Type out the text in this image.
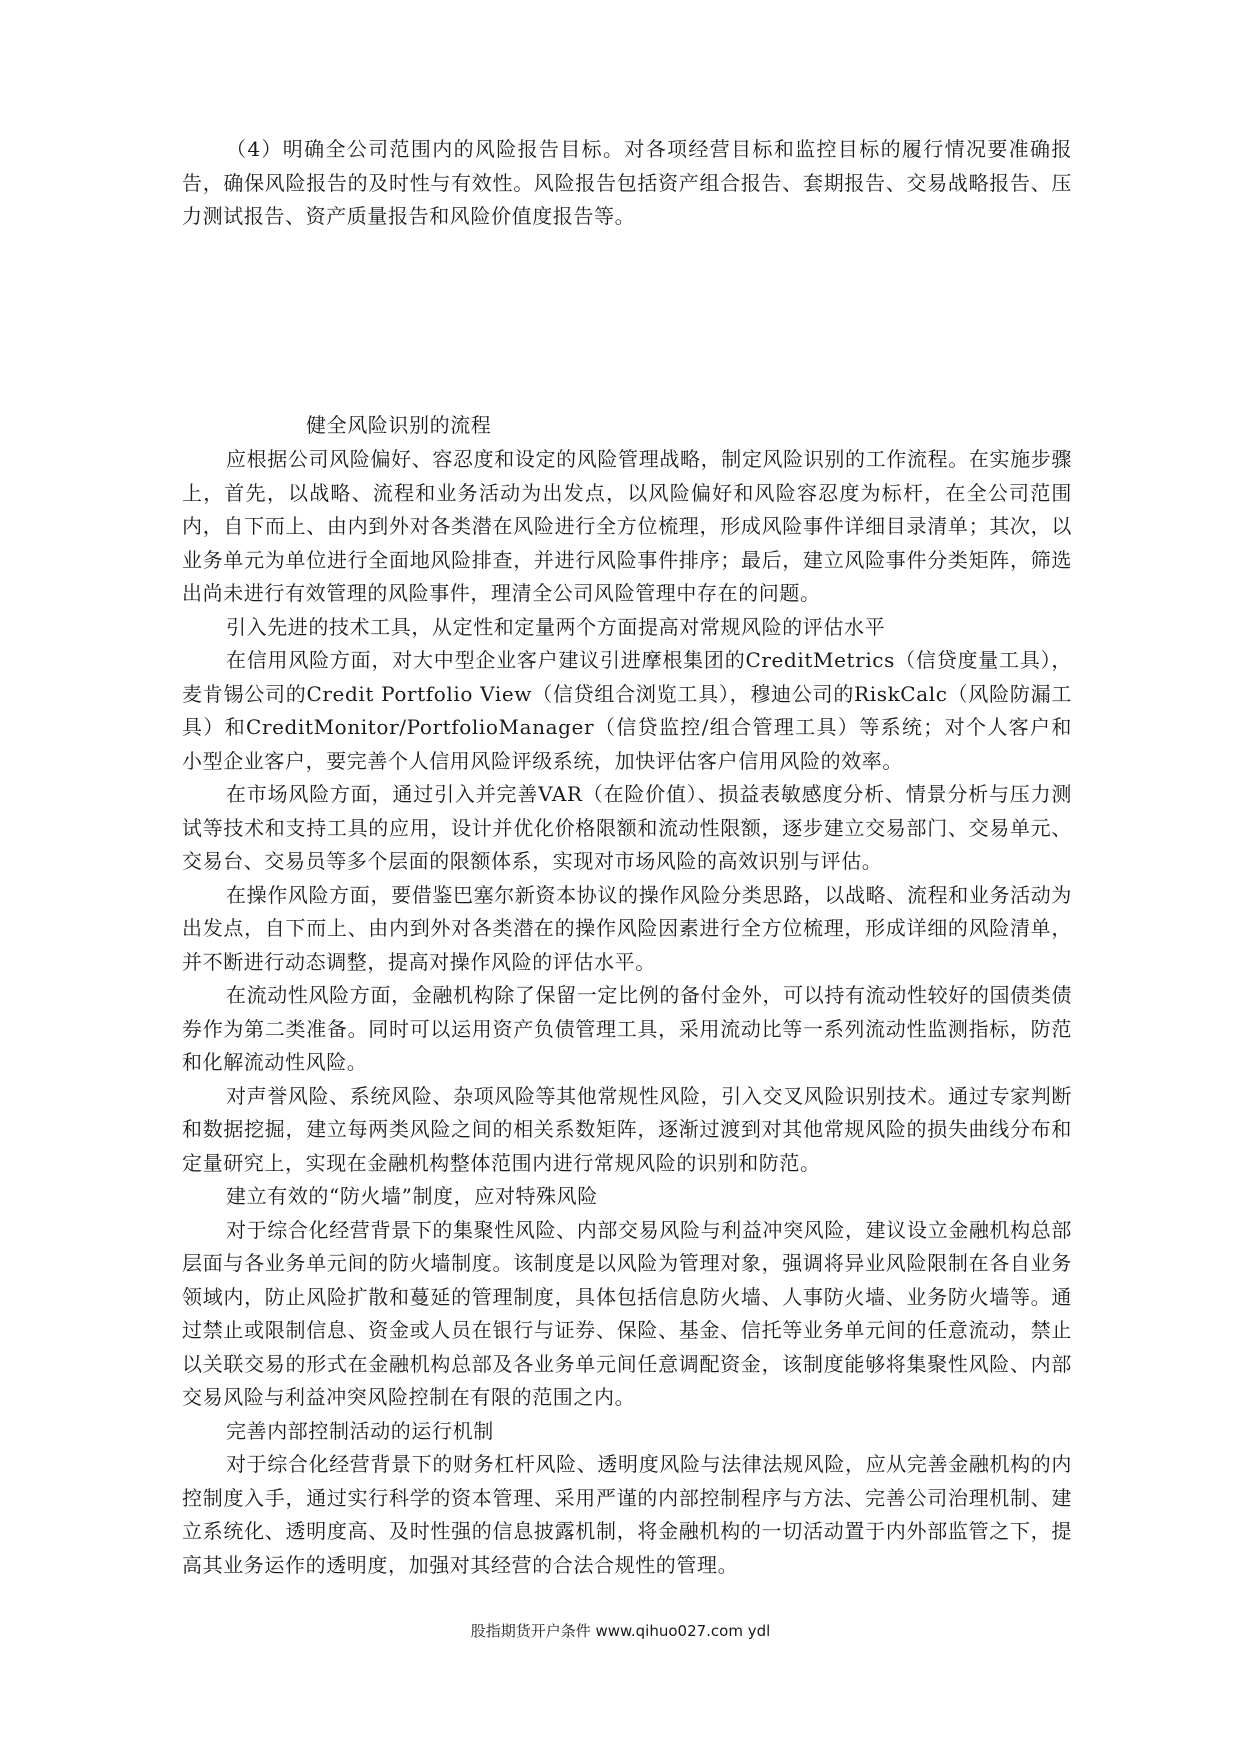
（4）明确全公司范围内的风险报告目标。对各项经营目标和监控目标的履行情况要准确报告，确保风险报告的及时性与有效性。风险报告包括资产组合报告、套期报告、交易战略报告、压力测试报告、资产质量报告和风险价值度报告等。

健全风险识别的流程

应根据公司风险偏好、容忍度和设定的风险管理战略，制定风险识别的工作流程。在实施步骤上，首先，以战略、流程和业务活动为出发点，以风险偏好和风险容忍度为标杆，在全公司范围内，自下而上、由内到外对各类潜在风险进行全方位梳理，形成风险事件详细目录清单；其次，以业务单元为单位进行全面地风险排查，并进行风险事件排序；最后，建立风险事件分类矩阵，筛选出尚未进行有效管理的风险事件，理清全公司风险管理中存在的问题。

引入先进的技术工具，从定性和定量两个方面提高对常规风险的评估水平

在信用风险方面，对大中型企业客户建议引进摩根集团的CreditMetrics（信贷度量工具），麦肯锡公司的Credit Portfolio View（信贷组合浏览工具），穆迪公司的RiskCalc（风险防漏工具）和CreditMonitor/PortfolioManager（信贷监控/组合管理工具）等系统；对个人客户和小型企业客户，要完善个人信用风险评级系统，加快评估客户信用风险的效率。

在市场风险方面，通过引入并完善VAR（在险价值）、损益表敏感度分析、情景分析与压力测试等技术和支持工具的应用，设计并优化价格限额和流动性限额，逐步建立交易部门、交易单元、交易台、交易员等多个层面的限额体系，实现对市场风险的高效识别与评估。

在操作风险方面，要借鉴巴塞尔新资本协议的操作风险分类思路，以战略、流程和业务活动为出发点，自下而上、由内到外对各类潜在的操作风险因素进行全方位梳理，形成详细的风险清单，并不断进行动态调整，提高对操作风险的评估水平。

在流动性风险方面，金融机构除了保留一定比例的备付金外，可以持有流动性较好的国债类债券作为第二类准备。同时可以运用资产负债管理工具，采用流动比等一系列流动性监测指标，防范和化解流动性风险。

对声誉风险、系统风险、杂项风险等其他常规性风险，引入交叉风险识别技术。通过专家判断和数据挖掘，建立每两类风险之间的相关系数矩阵，逐渐过渡到对其他常规风险的损失曲线分布和定量研究上，实现在金融机构整体范围内进行常规风险的识别和防范。

建立有效的“防火墙”制度，应对特殊风险

对于综合化经营背景下的集聚性风险、内部交易风险与利益冲突风险，建议设立金融机构总部层面与各业务单元间的防火墙制度。该制度是以风险为管理对象，强调将异业风险限制在各自业务领域内，防止风险扩散和蔓延的管理制度，具体包括信息防火墙、人事防火墙、业务防火墙等。通过禁止或限制信息、资金或人员在银行与证券、保险、基金、信托等业务单元间的任意流动，禁止以关联交易的形式在金融机构总部及各业务单元间任意调配资金，该制度能够将集聚性风险、内部交易风险与利益冲突风险控制在有限的范围之内。

完善内部控制活动的运行机制

对于综合化经营背景下的财务杠杆风险、透明度风险与法律法规风险，应从完善金融机构的内控制度入手，通过实行科学的资本管理、采用严谨的内部控制程序与方法、完善公司治理机制、建立系统化、透明度高、及时性强的信息披露机制，将金融机构的一切活动置于内外部监管之下，提高其业务运作的透明度，加强对其经营的合法合规性的管理。

股指期货开户条件 www.qihuo027.com ydl
